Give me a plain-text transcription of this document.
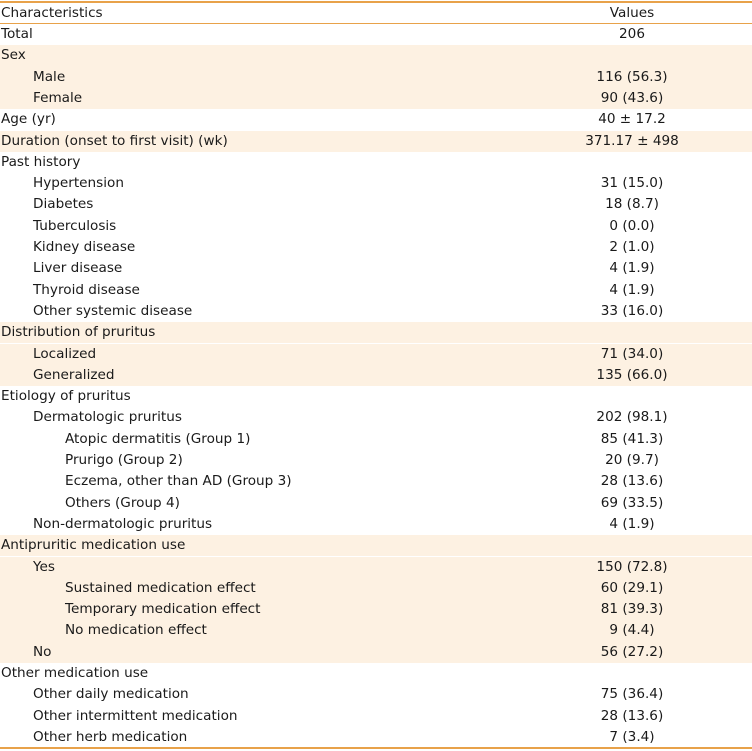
Characteristics	Values
Total	206
Sex
Male	116 (56.3)
Female	90 (43.6)
Age (yr)	40 ± 17.2
Duration (onset to first visit) (wk)	371.17 ± 498
Past history
Hypertension	31 (15.0)
Diabetes	18 (8.7)
Tuberculosis	0 (0.0)
Kidney disease	2 (1.0)
Liver disease	4 (1.9)
Thyroid disease	4 (1.9)
Other systemic disease	33 (16.0)
Distribution of pruritus
Localized	71 (34.0)
Generalized	135 (66.0)
Etiology of pruritus
Dermatologic pruritus	202 (98.1)
Atopic dermatitis (Group 1)	85 (41.3)
Prurigo (Group 2)	20 (9.7)
Eczema, other than AD (Group 3)	28 (13.6)
Others (Group 4)	69 (33.5)
Non-dermatologic pruritus	4 (1.9)
Antipruritic medication use
Yes	150 (72.8)
Sustained medication effect	60 (29.1)
Temporary medication effect	81 (39.3)
No medication effect	9 (4.4)
No	56 (27.2)
Other medication use
Other daily medication	75 (36.4)
Other intermittent medication	28 (13.6)
Other herb medication	7 (3.4)
